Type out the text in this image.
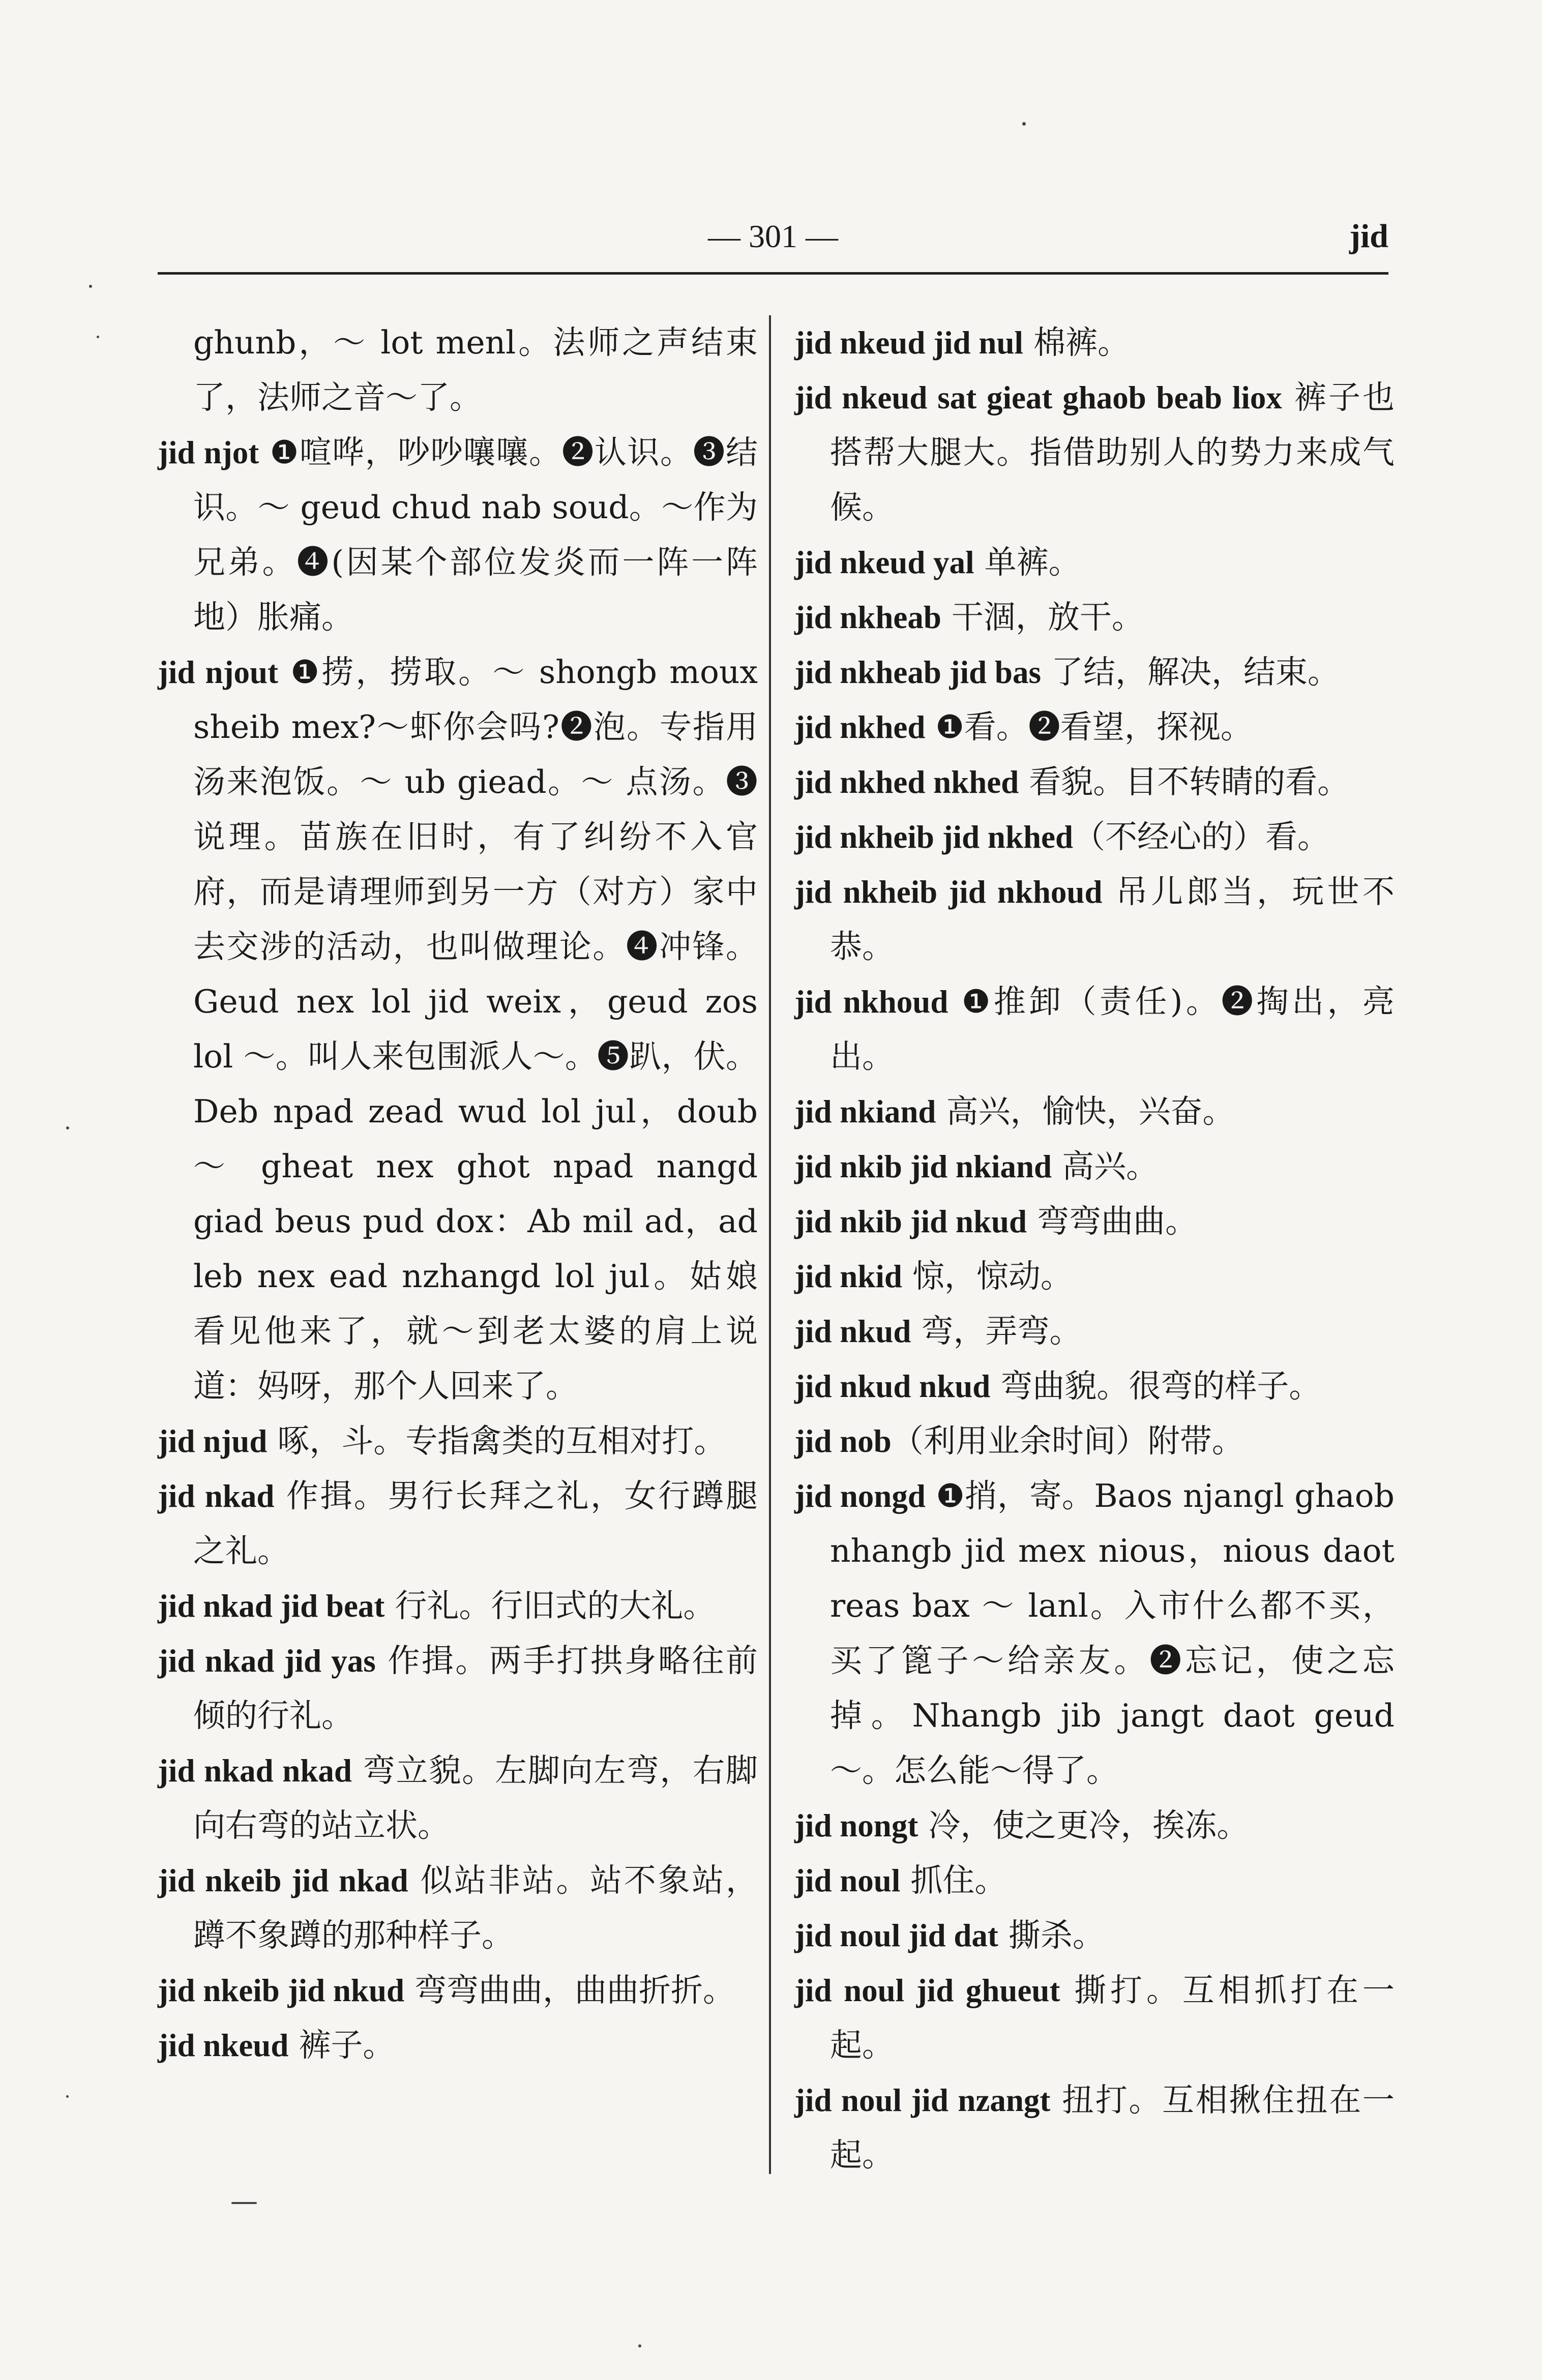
— 301 —	jid

ghunb，～ lot menl。法师之声结束了，法师之音～了。

jid njot ❶喧哗，吵吵嚷嚷。❷认识。❸结识。～ geud chud nab soud。～作为兄弟。❹(因某个部位发炎而一阵一阵地）胀痛。

jid njout ❶捞，捞取。～ shongb moux sheib mex?～虾你会吗?❷泡。专指用汤来泡饭。～ ub giead。～ 点汤。❸说理。苗族在旧时，有了纠纷不入官府，而是请理师到另一方（对方）家中去交涉的活动，也叫做理论。❹冲锋。Geud nex lol jid weix，geud zos lol ～。叫人来包围派人～。❺趴，伏。Deb npad zead wud lol jul，doub ～ gheat nex ghot npad nangd giad beus pud dox：Ab mil ad，ad leb nex ead nzhangd lol jul。姑娘看见他来了，就～到老太婆的肩上说道：妈呀，那个人回来了。

jid njud 啄，斗。专指禽类的互相对打。

jid nkad 作揖。男行长拜之礼，女行蹲腿之礼。

jid nkad jid beat 行礼。行旧式的大礼。

jid nkad jid yas 作揖。两手打拱身略往前倾的行礼。

jid nkad nkad 弯立貌。左脚向左弯，右脚向右弯的站立状。

jid nkeib jid nkad 似站非站。站不象站，蹲不象蹲的那种样子。

jid nkeib jid nkud 弯弯曲曲，曲曲折折。

jid nkeud 裤子。

jid nkeud jid nul 棉裤。

jid nkeud sat gieat ghaob beab liox 裤子也搭帮大腿大。指借助别人的势力来成气候。

jid nkeud yal 单裤。

jid nkheab 干涸，放干。

jid nkheab jid bas 了结，解决，结束。

jid nkhed ❶看。❷看望，探视。

jid nkhed nkhed 看貌。目不转睛的看。

jid nkheib jid nkhed（不经心的）看。

jid nkheib jid nkhoud 吊儿郎当，玩世不恭。

jid nkhoud ❶推卸（责任)。❷掏出，亮出。

jid nkiand 高兴，愉快，兴奋。

jid nkib jid nkiand 高兴。

jid nkib jid nkud 弯弯曲曲。

jid nkid 惊，惊动。

jid nkud 弯，弄弯。

jid nkud nkud 弯曲貌。很弯的样子。

jid nob（利用业余时间）附带。

jid nongd ❶捎，寄。Baos njangl ghaob nhangb jid mex nious，nious daot reas bax ～ lanl。入市什么都不买，买了篦子～给亲友。❷忘记，使之忘掉。Nhangb jib jangt daot geud ～。怎么能～得了。

jid nongt 冷，使之更冷，挨冻。

jid noul 抓住。

jid noul jid dat 撕杀。

jid noul jid ghueut 撕打。互相抓打在一起。

jid noul jid nzangt 扭打。互相揪住扭在一起。
